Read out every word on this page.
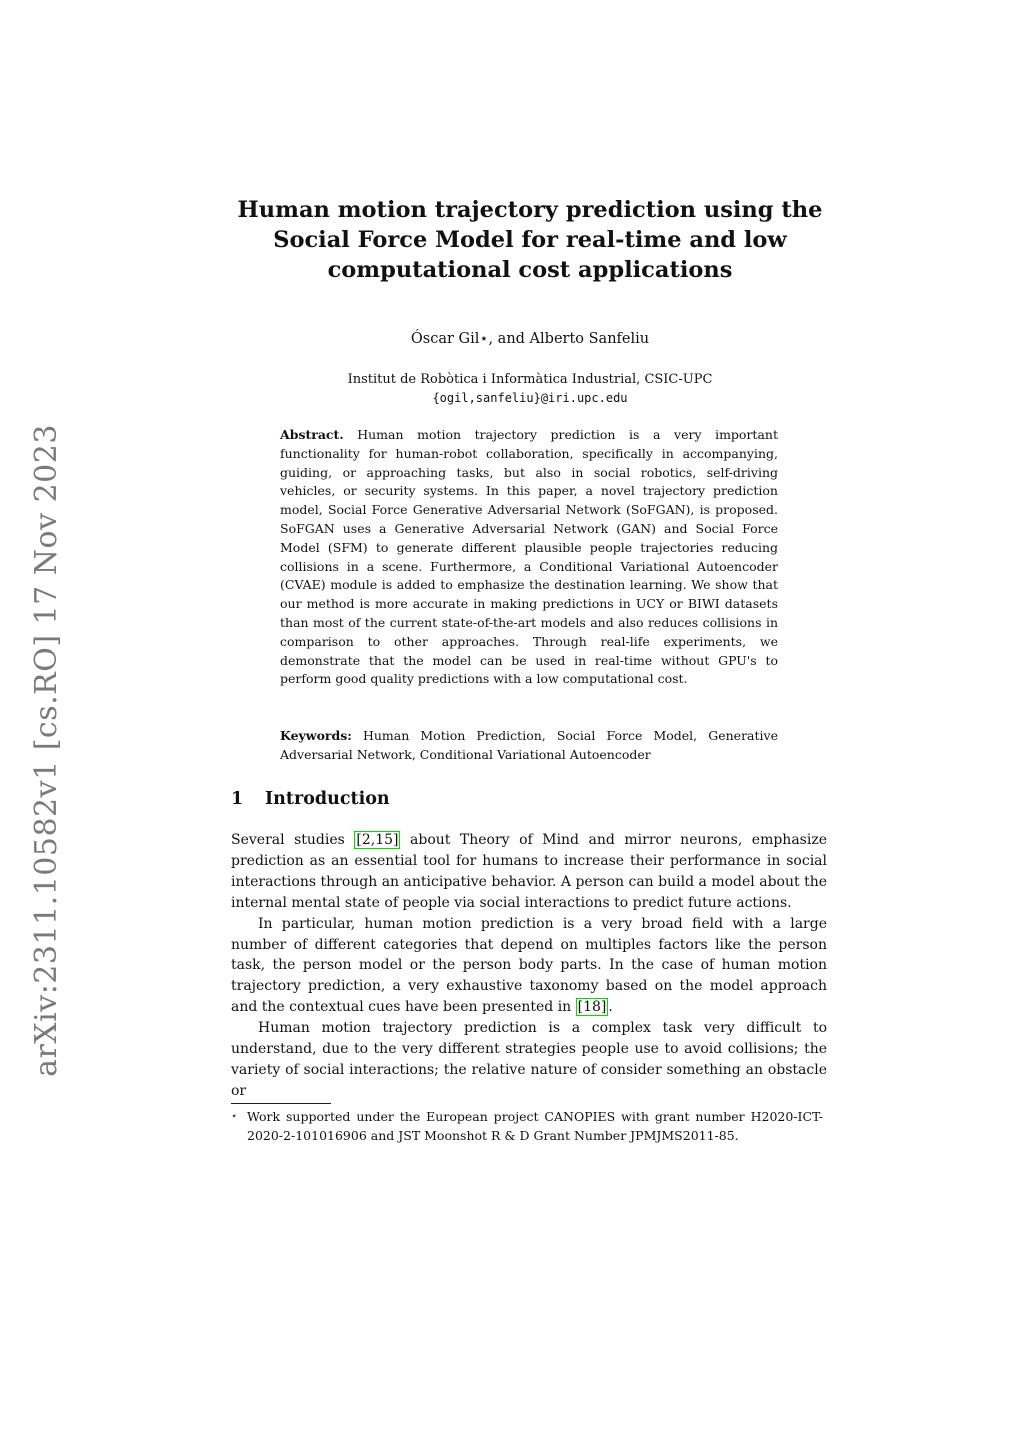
arXiv:2311.10582v1 [cs.RO] 17 Nov 2023
Human motion trajectory prediction using the Social Force Model for real-time and low computational cost applications
Óscar Gil⋆, and Alberto Sanfeliu
Institut de Robòtica i Informàtica Industrial, CSIC-UPC
{ogil,sanfeliu}@iri.upc.edu
Abstract. Human motion trajectory prediction is a very important functionality for human-robot collaboration, specifically in accompanying, guiding, or approaching tasks, but also in social robotics, self-driving vehicles, or security systems. In this paper, a novel trajectory prediction model, Social Force Generative Adversarial Network (SoFGAN), is proposed. SoFGAN uses a Generative Adversarial Network (GAN) and Social Force Model (SFM) to generate different plausible people trajectories reducing collisions in a scene. Furthermore, a Conditional Variational Autoencoder (CVAE) module is added to emphasize the destination learning. We show that our method is more accurate in making predictions in UCY or BIWI datasets than most of the current state-of-the-art models and also reduces collisions in comparison to other approaches. Through real-life experiments, we demonstrate that the model can be used in real-time without GPU's to perform good quality predictions with a low computational cost.
Keywords: Human Motion Prediction, Social Force Model, Generative Adversarial Network, Conditional Variational Autoencoder
1 Introduction

Several studies [2,15] about Theory of Mind and mirror neurons, emphasize prediction as an essential tool for humans to increase their performance in social interactions through an anticipative behavior. A person can build a model about the internal mental state of people via social interactions to predict future actions.

In particular, human motion prediction is a very broad field with a large number of different categories that depend on multiples factors like the person task, the person model or the person body parts. In the case of human motion trajectory prediction, a very exhaustive taxonomy based on the model approach and the contextual cues have been presented in [18] .

Human motion trajectory prediction is a complex task very difficult to understand, due to the very different strategies people use to avoid collisions; the variety of social interactions; the relative nature of consider something an obstacle or

⋆ Work supported under the European project CANOPIES with grant number H2020-ICT-2020-2-101016906 and JST Moonshot R & D Grant Number JPMJMS2011-85.
